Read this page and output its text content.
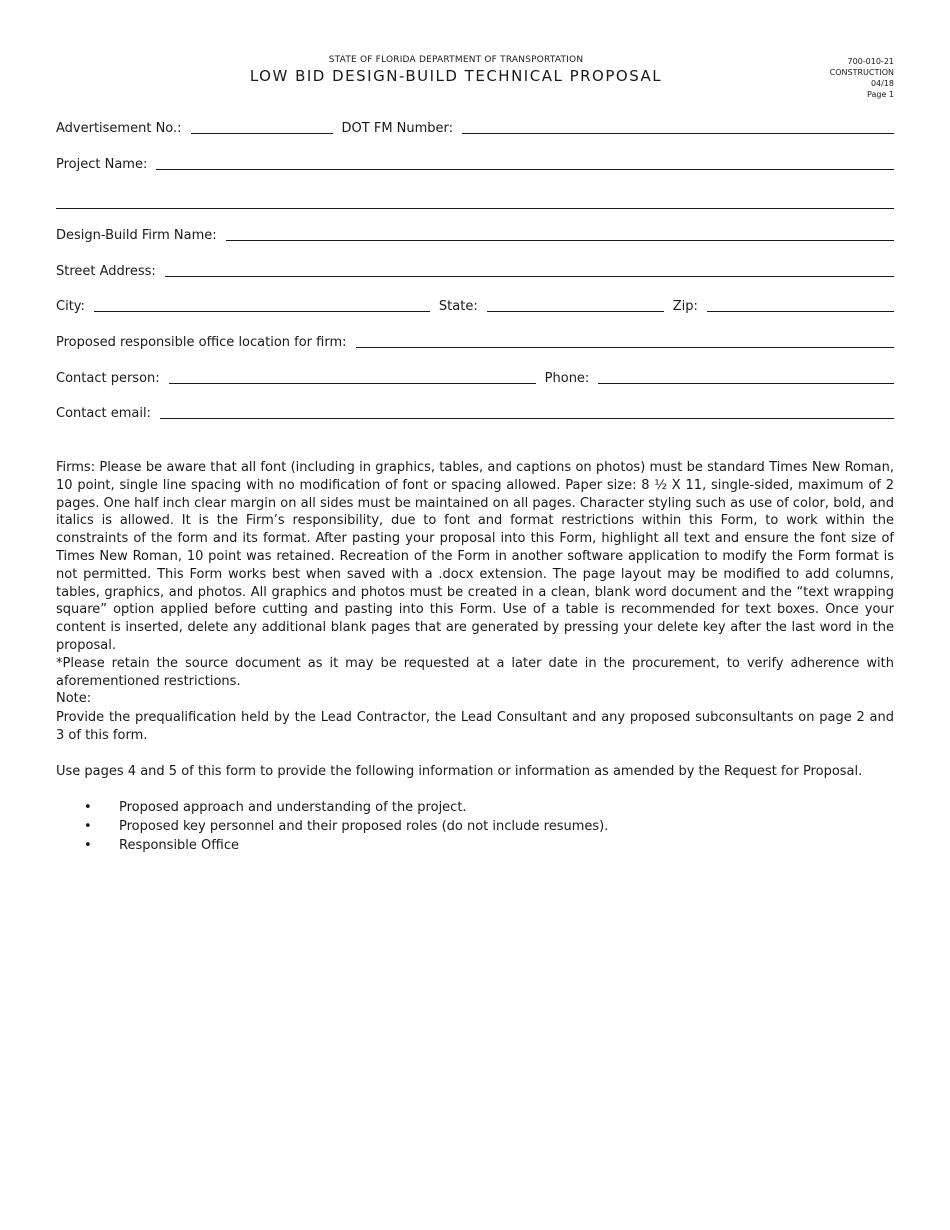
STATE OF FLORIDA DEPARTMENT OF TRANSPORTATION
LOW BID DESIGN-BUILD TECHNICAL PROPOSAL
700-010-21
CONSTRUCTION
04/18
Page 1
Advertisement No.:	DOT FM Number:
Project Name:
Design-Build Firm Name:
Street Address:
City:	State:	Zip:
Proposed responsible office location for firm:
Contact person:	Phone:
Contact email:

Firms: Please be aware that all font (including in graphics, tables, and captions on photos) must be standard Times New Roman, 10 point, single line spacing with no modification of font or spacing allowed. Paper size: 8 ½ X 11, single-sided, maximum of 2 pages. One half inch clear margin on all sides must be maintained on all pages. Character styling such as use of color, bold, and italics is allowed. It is the Firm’s responsibility, due to font and format restrictions within this Form, to work within the constraints of the form and its format. After pasting your proposal into this Form, highlight all text and ensure the font size of Times New Roman, 10 point was retained. Recreation of the Form in another software application to modify the Form format is not permitted. This Form works best when saved with a .docx extension. The page layout may be modified to add columns, tables, graphics, and photos. All graphics and photos must be created in a clean, blank word document and the “text wrapping square” option applied before cutting and pasting into this Form. Use of a table is recommended for text boxes. Once your content is inserted, delete any additional blank pages that are generated by pressing your delete key after the last word in the proposal.

*Please retain the source document as it may be requested at a later date in the procurement, to verify adherence with aforementioned restrictions.

Note:

Provide the prequalification held by the Lead Contractor, the Lead Consultant and any proposed subconsultants on page 2 and 3 of this form.
Use pages 4 and 5 of this form to provide the following information or information as amended by the Request for Proposal.
• Proposed approach and understanding of the project.
• Proposed key personnel and their proposed roles (do not include resumes).
• Responsible Office
